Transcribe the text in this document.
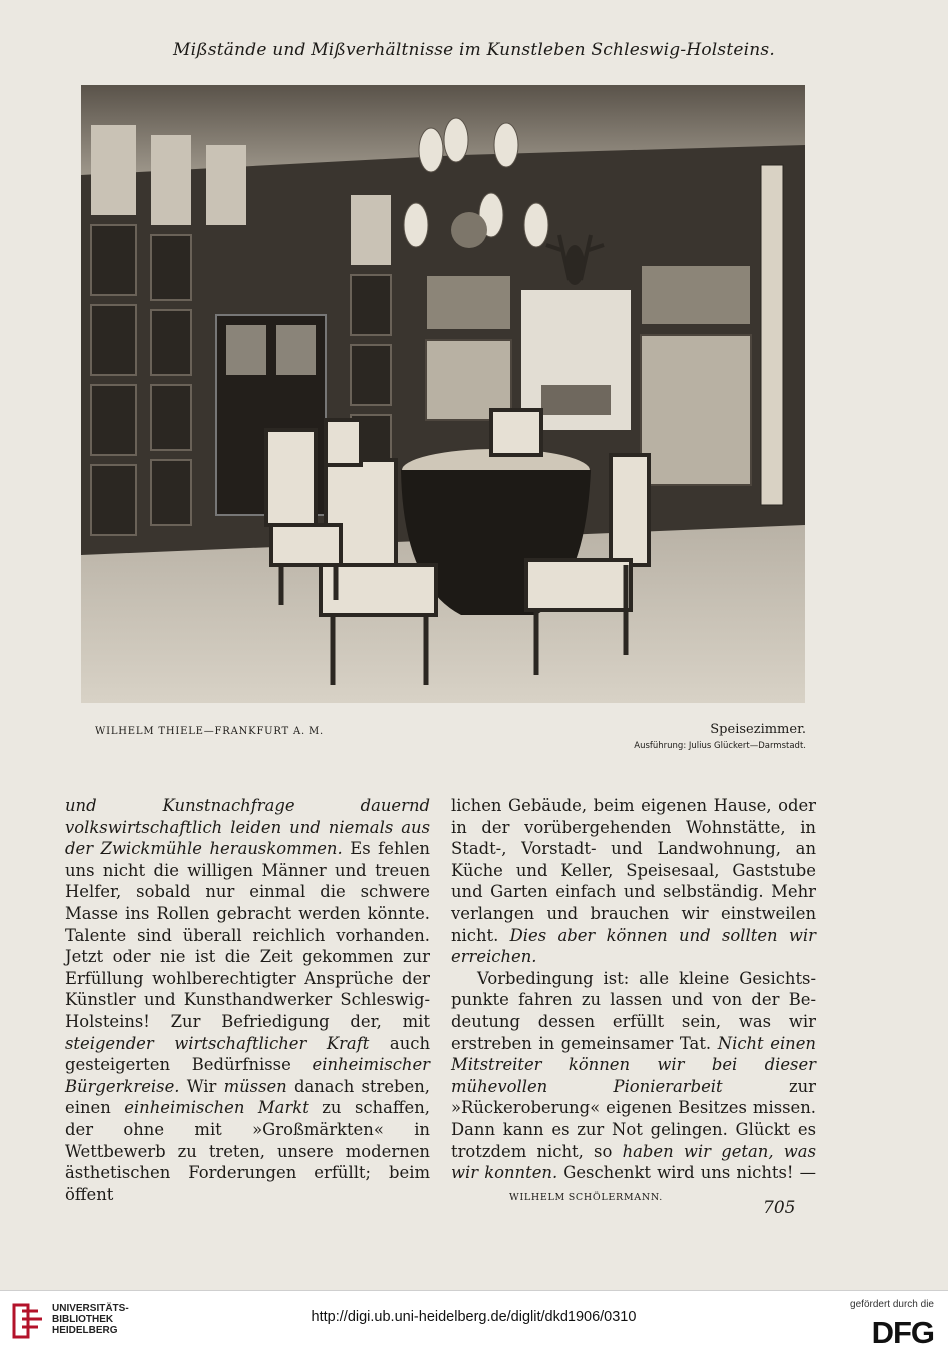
Mißstände und Mißverhältnisse im Kunstleben Schleswig-Holsteins.
WILHELM THIELE—FRANKFURT A. M.	Speisezimmer.
Ausführung: Julius Glückert—Darmstadt.

und Kunstnachfrage dauernd volkswirtschaftlich leiden und niemals aus der Zwickmühle herauskommen. Es fehlen uns nicht die willigen Männer und treuen Helfer, sobald nur einmal die schwere Masse ins Rollen gebracht werden könnte. Talente sind überall reichlich vorhanden. Jetzt oder nie ist die Zeit gekommen zur Erfüllung wohlberechtigter Ansprüche der Künstler und Kunsthandwerker Schleswig-Holsteins! Zur Befriedigung der, mit steigender wirtschaftlicher Kraft auch gesteigerten Bedürfnisse einheimischer Bürgerkreise. Wir müssen danach streben, einen einheimischen Markt zu schaffen, der ohne mit »Großmärkten« in Wettbewerb zu treten, unsere modernen ästhetischen Forderungen erfüllt; beim öffent

lichen Gebäude, beim eigenen Hause, oder in der vorübergehenden Wohnstätte, in Stadt-, Vorstadt- und Landwohnung, an Küche und Keller, Speisesaal, Gaststube und Garten einfach und selbständig. Mehr verlangen und brauchen wir einstweilen nicht. Dies aber können und sollten wir erreichen.

Vorbedingung ist: alle kleine Gesichtspunkte fahren zu lassen und von der Bedeutung dessen erfüllt sein, was wir erstreben in gemeinsamer Tat. Nicht einen Mitstreiter können wir bei dieser mühevollen Pionierarbeit zur »Rückeroberung« eigenen Besitzes missen. Dann kann es zur Not gelingen. Glückt es trotzdem nicht, so haben wir getan, was wir konnten. Geschenkt wird uns nichts! —WILHELM SCHÖLERMANN.

705
UNIVERSITÄTS-
BIBLIOTHEK
HEIDELBERG
http://digi.ub.uni-heidelberg.de/diglit/dkd1906/0310
gefördert durch die
DFG
